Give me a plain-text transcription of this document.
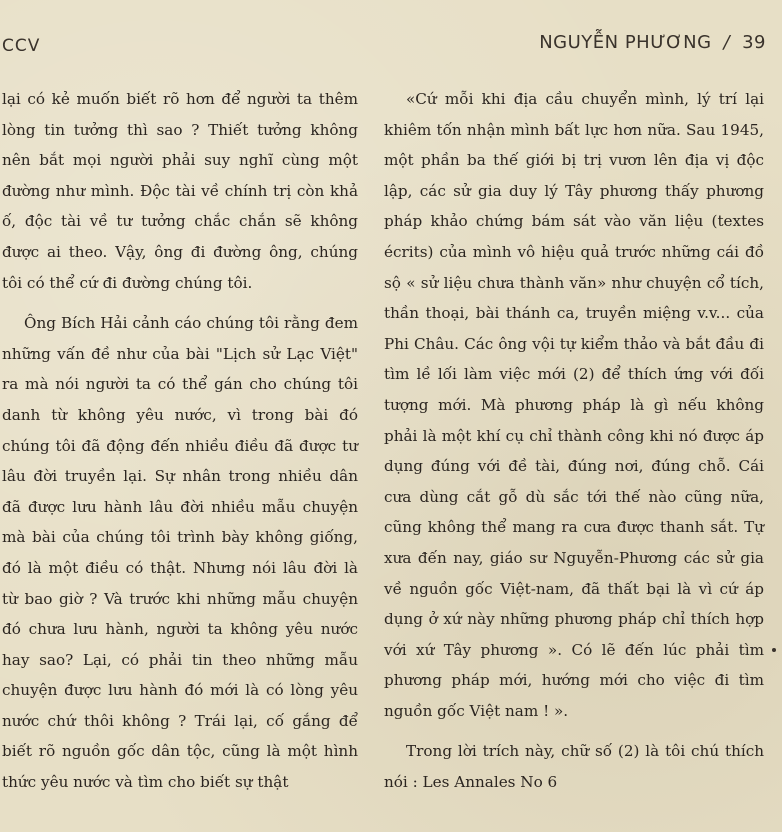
CCV	NGUYỄN PHƯƠNG / 39

lại có kẻ muốn biết rõ hơn để người ta thêm lòng tin tưởng thì sao ? Thiết tưởng không nên bắt mọi người phải suy nghĩ cùng một đường như mình. Độc tài về chính trị còn khả ố, độc tài về tư tưởng chắc chắn sẽ không được ai theo. Vậy, ông đi đường ông, chúng tôi có thể cứ đi đường chúng tôi.

Ông Bích Hải cảnh cáo chúng tôi rằng đem những vấn đề như của bài "Lịch sử Lạc Việt" ra mà nói người ta có thể gán cho chúng tôi danh từ không yêu nước, vì trong bài đó chúng tôi đã động đến nhiều điều đã được tư lâu đời truyền lại. Sự nhân trong nhiều dân đã được lưu hành lâu đời nhiều mẫu chuyện mà bài của chúng tôi trình bày không giống, đó là một điều có thật. Nhưng nói lâu đời là từ bao giờ ? Và trước khi những mẫu chuyện đó chưa lưu hành, người ta không yêu nước hay sao? Lại, có phải tin theo những mẫu chuyện được lưu hành đó mới là có lòng yêu nước chứ thôi không ? Trái lại, cố gắng để biết rõ nguồn gốc dân tộc, cũng là một hình thức yêu nước và tìm cho biết sự thật

«Cứ mỗi khi địa cầu chuyển mình, lý trí lại khiêm tốn nhận mình bất lực hơn nữa. Sau 1945, một phần ba thế giới bị trị vươn lên địa vị độc lập, các sử gia duy lý Tây phương thấy phương pháp khảo chứng bám sát vào văn liệu (textes écrits) của mình vô hiệu quả trước những cái đồ sộ « sử liệu chưa thành văn» như chuyện cổ tích, thần thoại, bài thánh ca, truyền miệng v.v... của Phi Châu. Các ông vội tự kiểm thảo và bắt đầu đi tìm lề lối làm việc mới (2) để thích ứng với đối tượng mới. Mà phương pháp là gì nếu không phải là một khí cụ chỉ thành công khi nó được áp dụng đúng với đề tài, đúng nơi, đúng chỗ. Cái cưa dùng cắt gỗ dù sắc tới thế nào cũng nữa, cũng không thể mang ra cưa được thanh sắt. Tự xưa đến nay, giáo sư Nguyễn-Phương các sử gia về nguồn gốc Việt-nam, đã thất bại là vì cứ áp dụng ở xứ này những phương pháp chỉ thích hợp với xứ Tây phương ». Có lẽ đến lúc phải tìm phương pháp mới, hướng mới cho việc đi tìm nguồn gốc Việt nam ! ».

Trong lời trích này, chữ số (2) là tôi chú thích nói : Les Annales No 6
